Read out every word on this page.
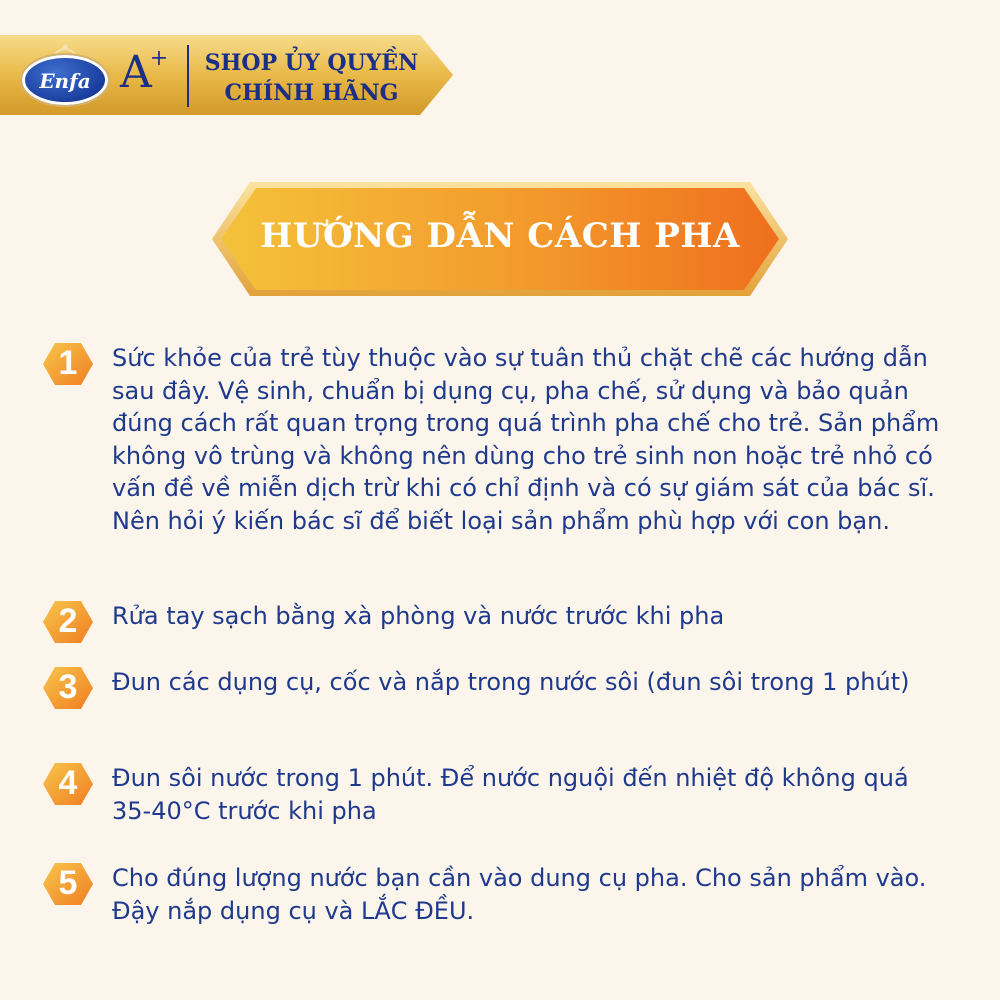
Enfa A+	SHOP ỦY QUYỀN
CHÍNH HÃNG
HƯỚNG DẪN CÁCH PHA
1	Sức khỏe của trẻ tùy thuộc vào sự tuân thủ chặt chẽ các hướng dẫn sau đây. Vệ sinh, chuẩn bị dụng cụ, pha chế, sử dụng và bảo quản đúng cách rất quan trọng trong quá trình pha chế cho trẻ. Sản phẩm không vô trùng và không nên dùng cho trẻ sinh non hoặc trẻ nhỏ có vấn đề về miễn dịch trừ khi có chỉ định và có sự giám sát của bác sĩ. Nên hỏi ý kiến bác sĩ để biết loại sản phẩm phù hợp với con bạn.
2	Rửa tay sạch bằng xà phòng và nước trước khi pha
3	Đun các dụng cụ, cốc và nắp trong nước sôi (đun sôi trong 1 phút)
4	Đun sôi nước trong 1 phút. Để nước nguội đến nhiệt độ không quá 35-40°C trước khi pha
5	Cho đúng lượng nước bạn cần vào dung cụ pha. Cho sản phẩm vào. Đậy nắp dụng cụ và LẮC ĐỀU.
